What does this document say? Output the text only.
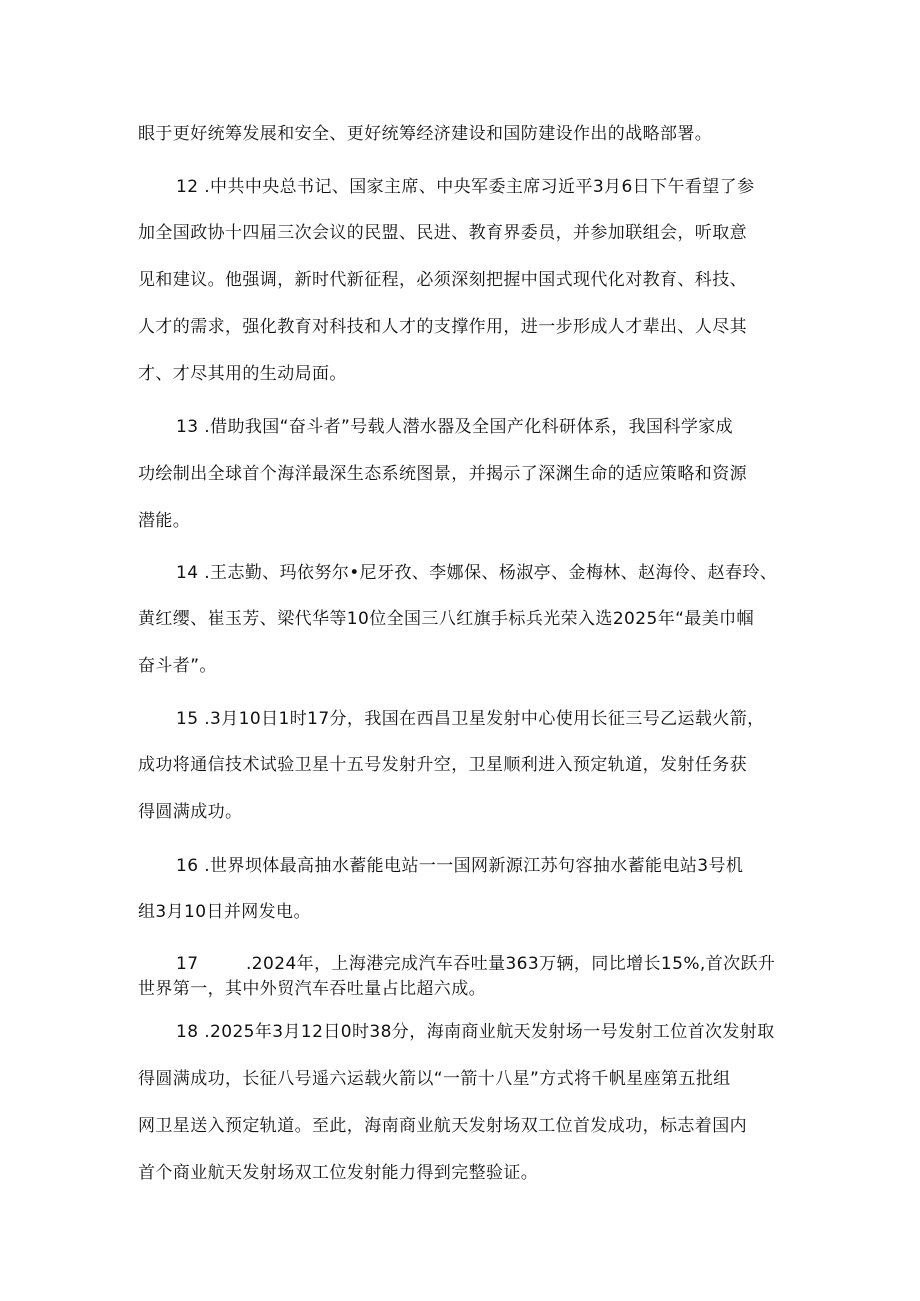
眼于更好统筹发展和安全、更好统筹经济建设和国防建设作出的战略部署。
12 .中共中央总书记、国家主席、中央军委主席习近平3月6日下午看望了参
加全国政协十四届三次会议的民盟、民进、教育界委员，并参加联组会，听取意
见和建议。他强调，新时代新征程，必须深刻把握中国式现代化对教育、科技、
人才的需求，强化教育对科技和人才的支撑作用，进一步形成人才辈出、人尽其
才、才尽其用的生动局面。
13 .借助我国“奋斗者”号载人潜水器及全国产化科研体系，我国科学家成
功绘制出全球首个海洋最深生态系统图景，并揭示了深渊生命的适应策略和资源
潜能。
14 .王志勤、玛依努尔•尼牙孜、李娜保、杨淑亭、金梅林、赵海伶、赵春玲、
黄红缨、崔玉芳、梁代华等10位全国三八红旗手标兵光荣入选2025年“最美巾帼
奋斗者”。
15 .3月10日1时17分，我国在西昌卫星发射中心使用长征三号乙运载火箭，
成功将通信技术试验卫星十五号发射升空，卫星顺利进入预定轨道，发射任务获
得圆满成功。
16 .世界坝体最高抽水蓄能电站一一国网新源江苏句容抽水蓄能电站3号机
组3月10日并网发电。
17	.2024年，上海港完成汽车吞吐量363万辆，同比增长15%,首次跃升
世界第一，其中外贸汽车吞吐量占比超六成。
18 .2025年3月12日0时38分，海南商业航天发射场一号发射工位首次发射取
得圆满成功，长征八号遥六运载火箭以“一箭十八星”方式将千帆星座第五批组
网卫星送入预定轨道。至此，海南商业航天发射场双工位首发成功，标志着国内
首个商业航天发射场双工位发射能力得到完整验证。
